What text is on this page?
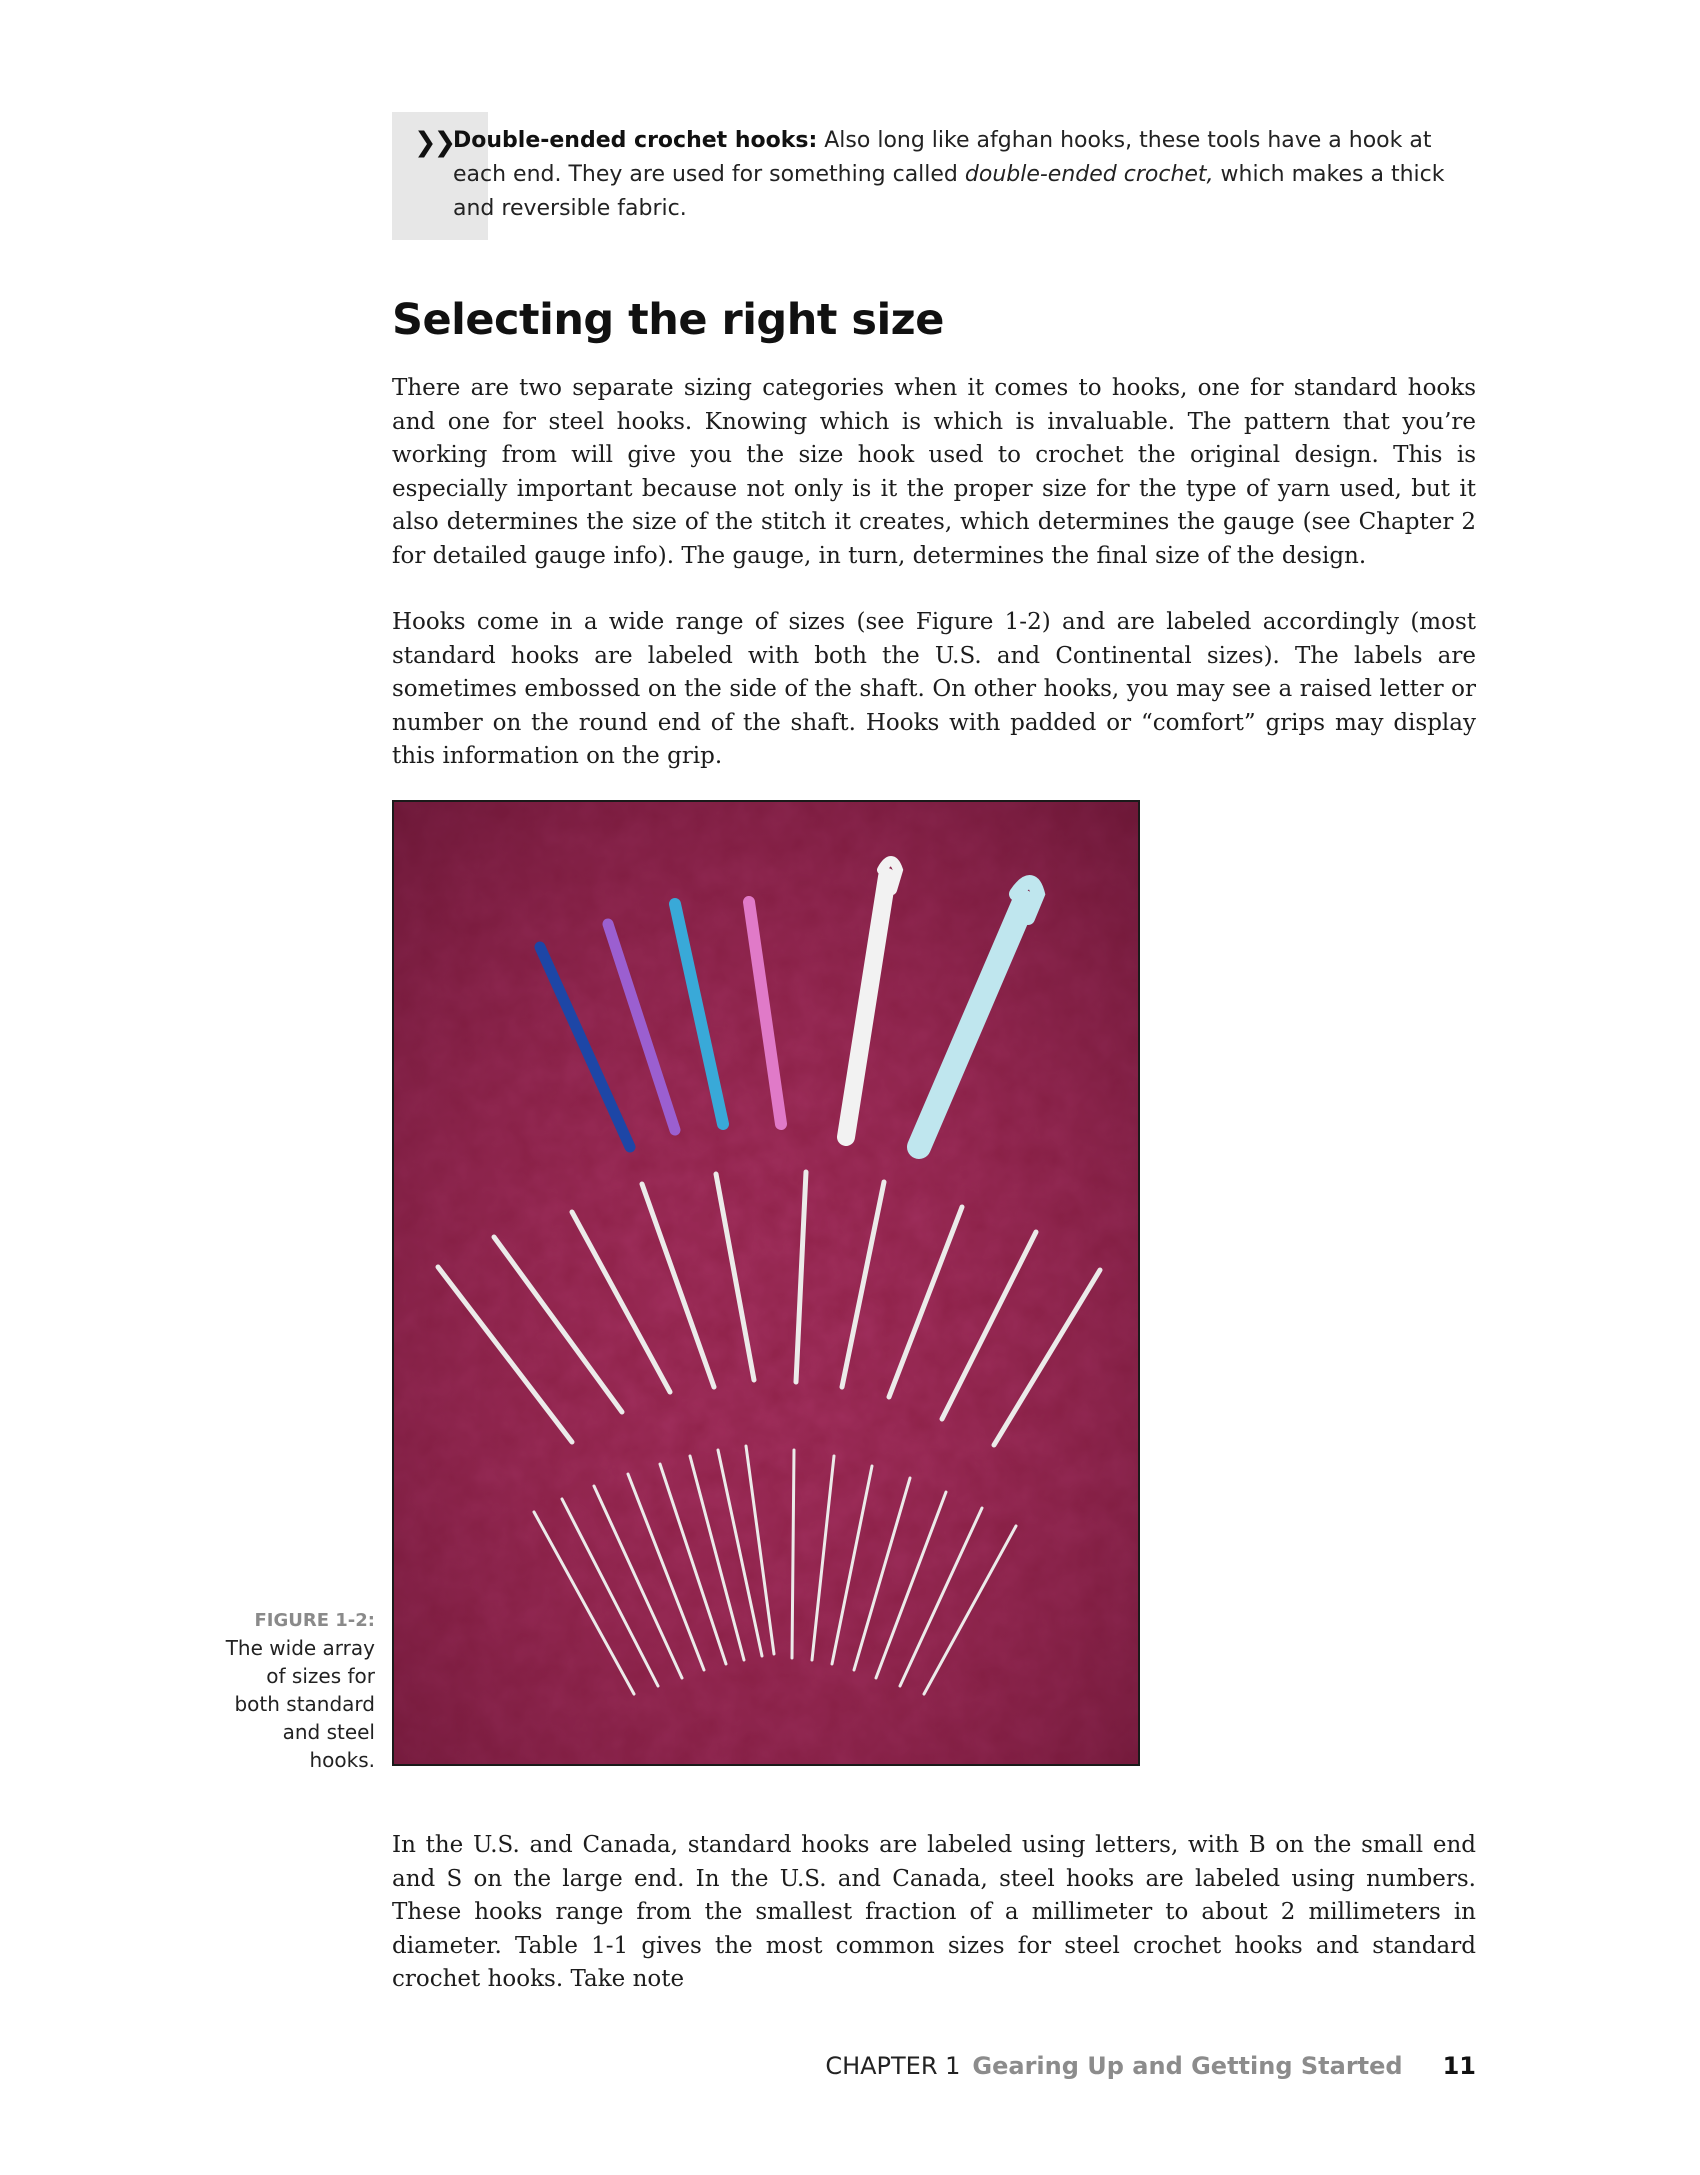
❯❯ Double-ended crochet hooks: Also long like afghan hooks, these tools have a hook at each end. They are used for something called double-ended crochet, which makes a thick and reversible fabric.
Selecting the right size

There are two separate sizing categories when it comes to hooks, one for standard hooks and one for steel hooks. Knowing which is which is invaluable. The pattern that you’re working from will give you the size hook used to crochet the original design. This is especially important because not only is it the proper size for the type of yarn used, but it also determines the size of the stitch it creates, which determines the gauge (see Chapter 2 for detailed gauge info). The gauge, in turn, determines the final size of the design.

Hooks come in a wide range of sizes (see Figure 1-2) and are labeled accordingly (most standard hooks are labeled with both the U.S. and Continental sizes). The labels are sometimes embossed on the side of the shaft. On other hooks, you may see a raised letter or number on the round end of the shaft. Hooks with padded or “comfort” grips may display this information on the grip.

FIGURE 1-2:
The wide array of sizes for both standard and steel hooks.

In the U.S. and Canada, standard hooks are labeled using letters, with B on the small end and S on the large end. In the U.S. and Canada, steel hooks are labeled using numbers. These hooks range from the smallest fraction of a millimeter to about 2 millimeters in diameter. Table 1-1 gives the most common sizes for steel crochet hooks and standard crochet hooks. Take note

CHAPTER 1 Gearing Up and Getting Started 11
